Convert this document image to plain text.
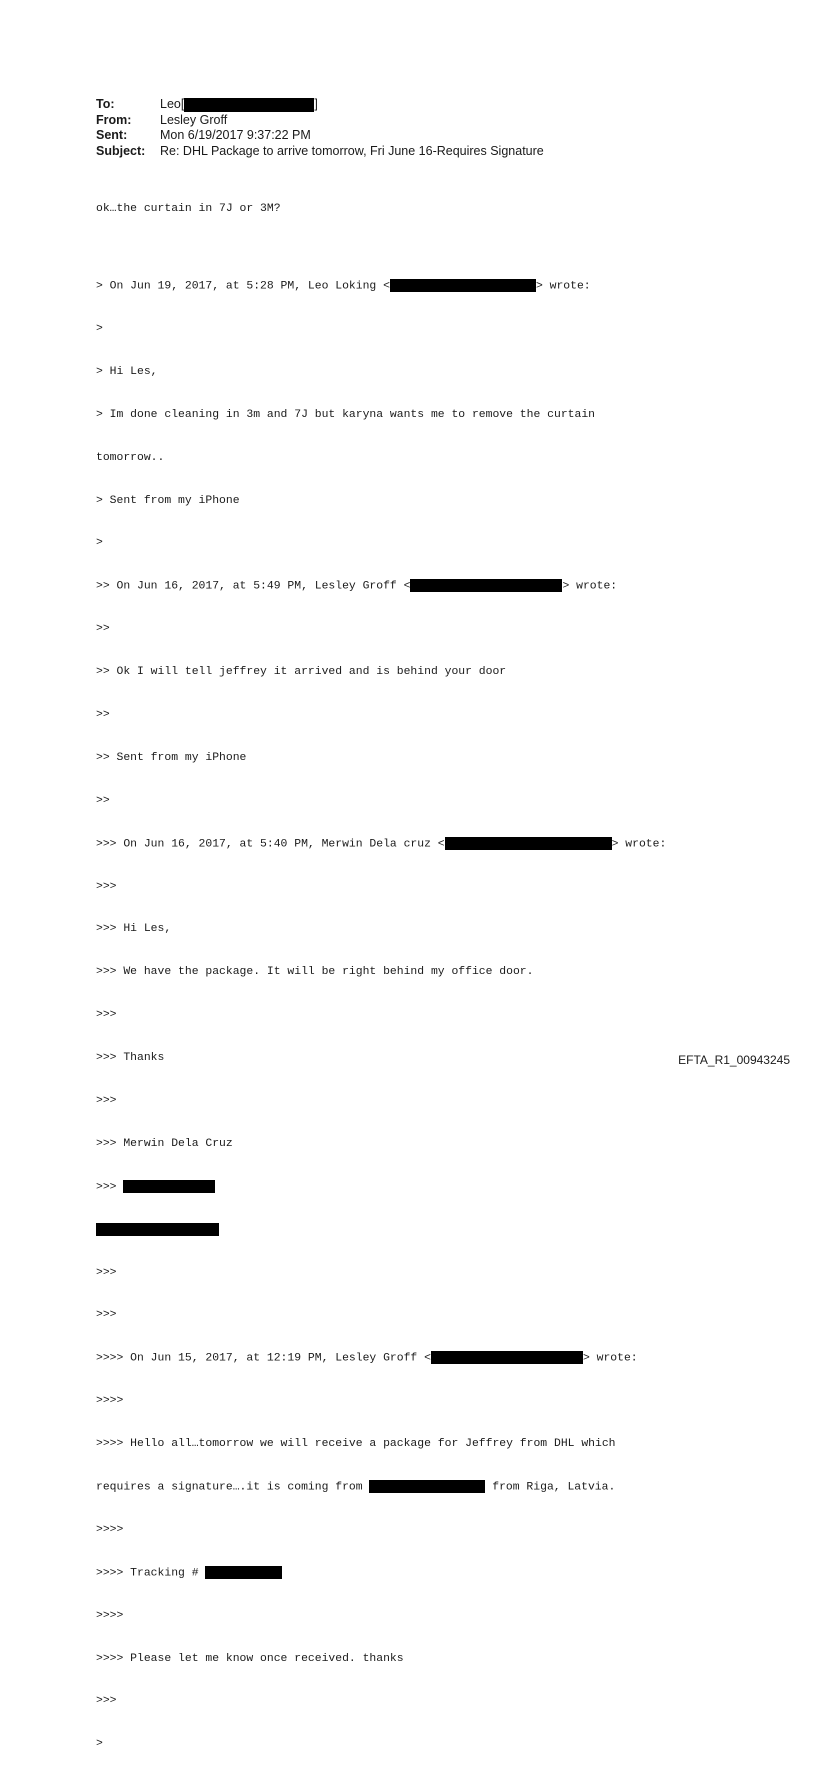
To:	Leo[	]
From:	Lesley Groff
Sent:	Mon 6/19/2017 9:37:22 PM
Subject:	Re: DHL Package to arrive tomorrow, Fri June 16-Requires Signature

ok…the curtain in 7J or 3M?

> On Jun 19, 2017, at 5:28 PM, Leo Loking <	> wrote:

>

> Hi Les,

> Im done cleaning in 3m and 7J but karyna wants me to remove the curtain

tomorrow..

> Sent from my iPhone

>

>> On Jun 16, 2017, at 5:49 PM, Lesley Groff <	> wrote:

>>

>> Ok I will tell jeffrey it arrived and is behind your door

>>

>> Sent from my iPhone

>>

>>> On Jun 16, 2017, at 5:40 PM, Merwin Dela cruz <	> wrote:

>>>

>>> Hi Les,

>>> We have the package. It will be right behind my office door.

>>>

>>> Thanks

>>>

>>> Merwin Dela Cruz

>>>

>>>

>>>

>>>> On Jun 15, 2017, at 12:19 PM, Lesley Groff <	> wrote:

>>>>

>>>> Hello all…tomorrow we will receive a package for Jeffrey from DHL which

requires a signature….it is coming from	from Riga, Latvia.

>>>>

>>>> Tracking #

>>>>

>>>> Please let me know once received. thanks

>>>

>

EFTA_R1_00943245
